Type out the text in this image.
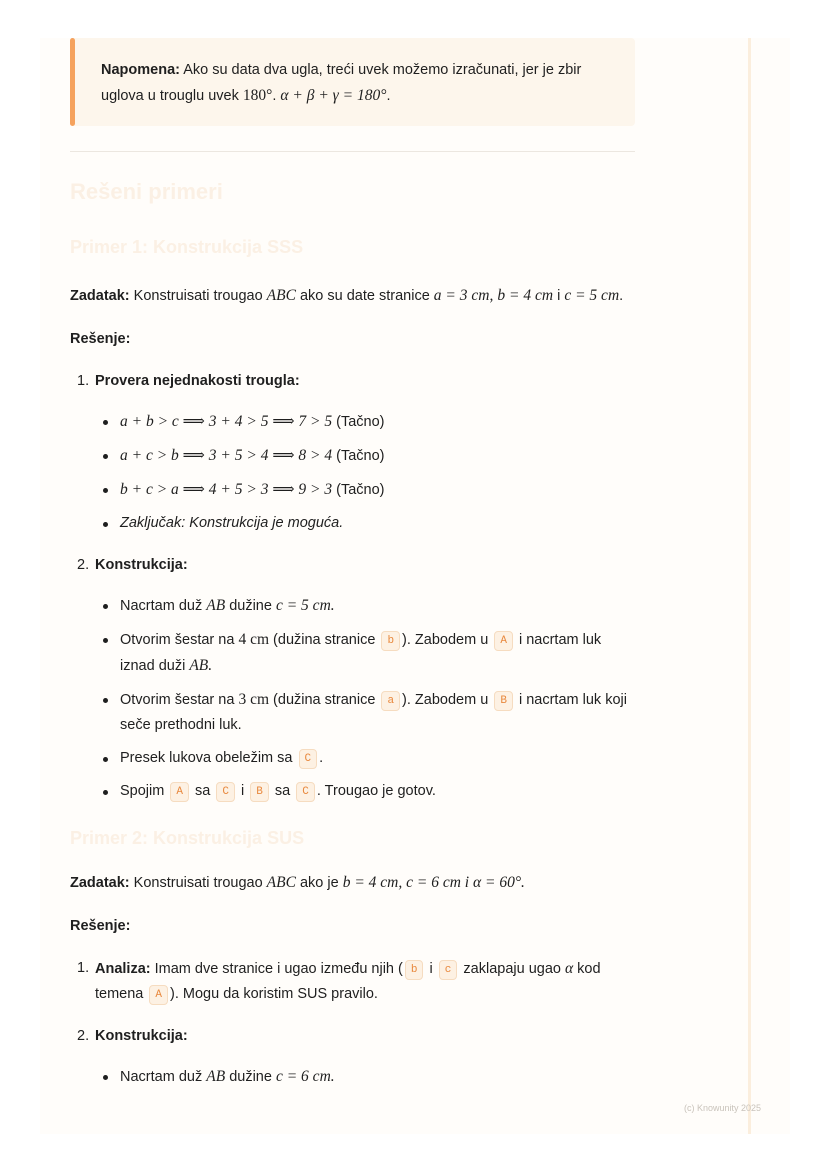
Napomena: Ako su data dva ugla, treći uvek možemo izračunati, jer je zbir uglova u trouglu uvek 180°. α + β + γ = 180°.
Rešeni primeri
Primer 1: Konstrukcija SSS

Zadatak: Konstruisati trougao ABC ako su date stranice a = 3 cm, b = 4 cm i c = 5 cm.

Rešenje:

1. Provera nejednakosti trougla:
a + b > c ⟹ 3 + 4 > 5 ⟹ 7 > 5 (Tačno)
a + c > b ⟹ 3 + 5 > 4 ⟹ 8 > 4 (Tačno)
b + c > a ⟹ 4 + 5 > 3 ⟹ 9 > 3 (Tačno)
Zaključak: Konstrukcija je moguća.
2. Konstrukcija:
Nacrtam duž AB dužine c = 5 cm.
Otvorim šestar na 4 cm (dužina stranice b ). Zabodem u A i nacrtam luk iznad duži AB.
Otvorim šestar na 3 cm (dužina stranice a ). Zabodem u B i nacrtam luk koji seče prethodni luk.
Presek lukova obeležim sa C .
Spojim A sa C i B sa C . Trougao je gotov.
Primer 2: Konstrukcija SUS

Zadatak: Konstruisati trougao ABC ako je b = 4 cm, c = 6 cm i α = 60°.

Rešenje:

1. Analiza: Imam dve stranice i ugao između njih ( b i c zaklapaju ugao α kod temena A ). Mogu da koristim SUS pravilo.
2. Konstrukcija:
Nacrtam duž AB dužine c = 6 cm.
(c) Knowunity 2025
